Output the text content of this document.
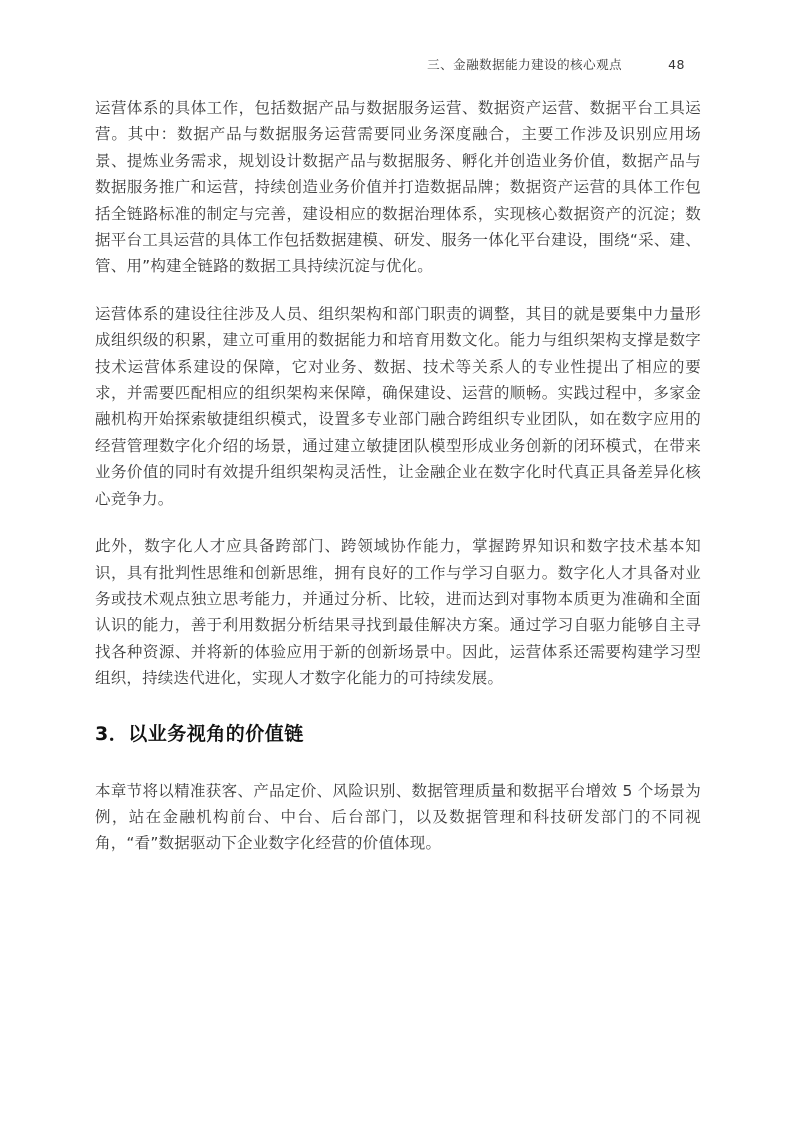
三、金融数据能力建设的核心观点	48

运营体系的具体工作，包括数据产品与数据服务运营、数据资产运营、数据平台工具运营。其中：数据产品与数据服务运营需要同业务深度融合，主要工作涉及识别应用场景、提炼业务需求，规划设计数据产品与数据服务、孵化并创造业务价值，数据产品与数据服务推广和运营，持续创造业务价值并打造数据品牌；数据资产运营的具体工作包括全链路标准的制定与完善，建设相应的数据治理体系，实现核心数据资产的沉淀；数据平台工具运营的具体工作包括数据建模、研发、服务一体化平台建设，围绕“采、建、管、用”构建全链路的数据工具持续沉淀与优化。

运营体系的建设往往涉及人员、组织架构和部门职责的调整，其目的就是要集中力量形成组织级的积累，建立可重用的数据能力和培育用数文化。能力与组织架构支撑是数字技术运营体系建设的保障，它对业务、数据、技术等关系人的专业性提出了相应的要求，并需要匹配相应的组织架构来保障，确保建设、运营的顺畅。实践过程中，多家金融机构开始探索敏捷组织模式，设置多专业部门融合跨组织专业团队，如在数字应用的经营管理数字化介绍的场景，通过建立敏捷团队模型形成业务创新的闭环模式，在带来业务价值的同时有效提升组织架构灵活性，让金融企业在数字化时代真正具备差异化核心竞争力。

此外，数字化人才应具备跨部门、跨领域协作能力，掌握跨界知识和数字技术基本知识，具有批判性思维和创新思维，拥有良好的工作与学习自驱力。数字化人才具备对业务或技术观点独立思考能力，并通过分析、比较，进而达到对事物本质更为准确和全面认识的能力，善于利用数据分析结果寻找到最佳解决方案。通过学习自驱力能够自主寻找各种资源、并将新的体验应用于新的创新场景中。因此，运营体系还需要构建学习型组织，持续迭代进化，实现人才数字化能力的可持续发展。

3．以业务视角的价值链

本章节将以精准获客、产品定价、风险识别、数据管理质量和数据平台增效 5 个场景为例，站在金融机构前台、中台、后台部门，以及数据管理和科技研发部门的不同视角，“看”数据驱动下企业数字化经营的价值体现。
